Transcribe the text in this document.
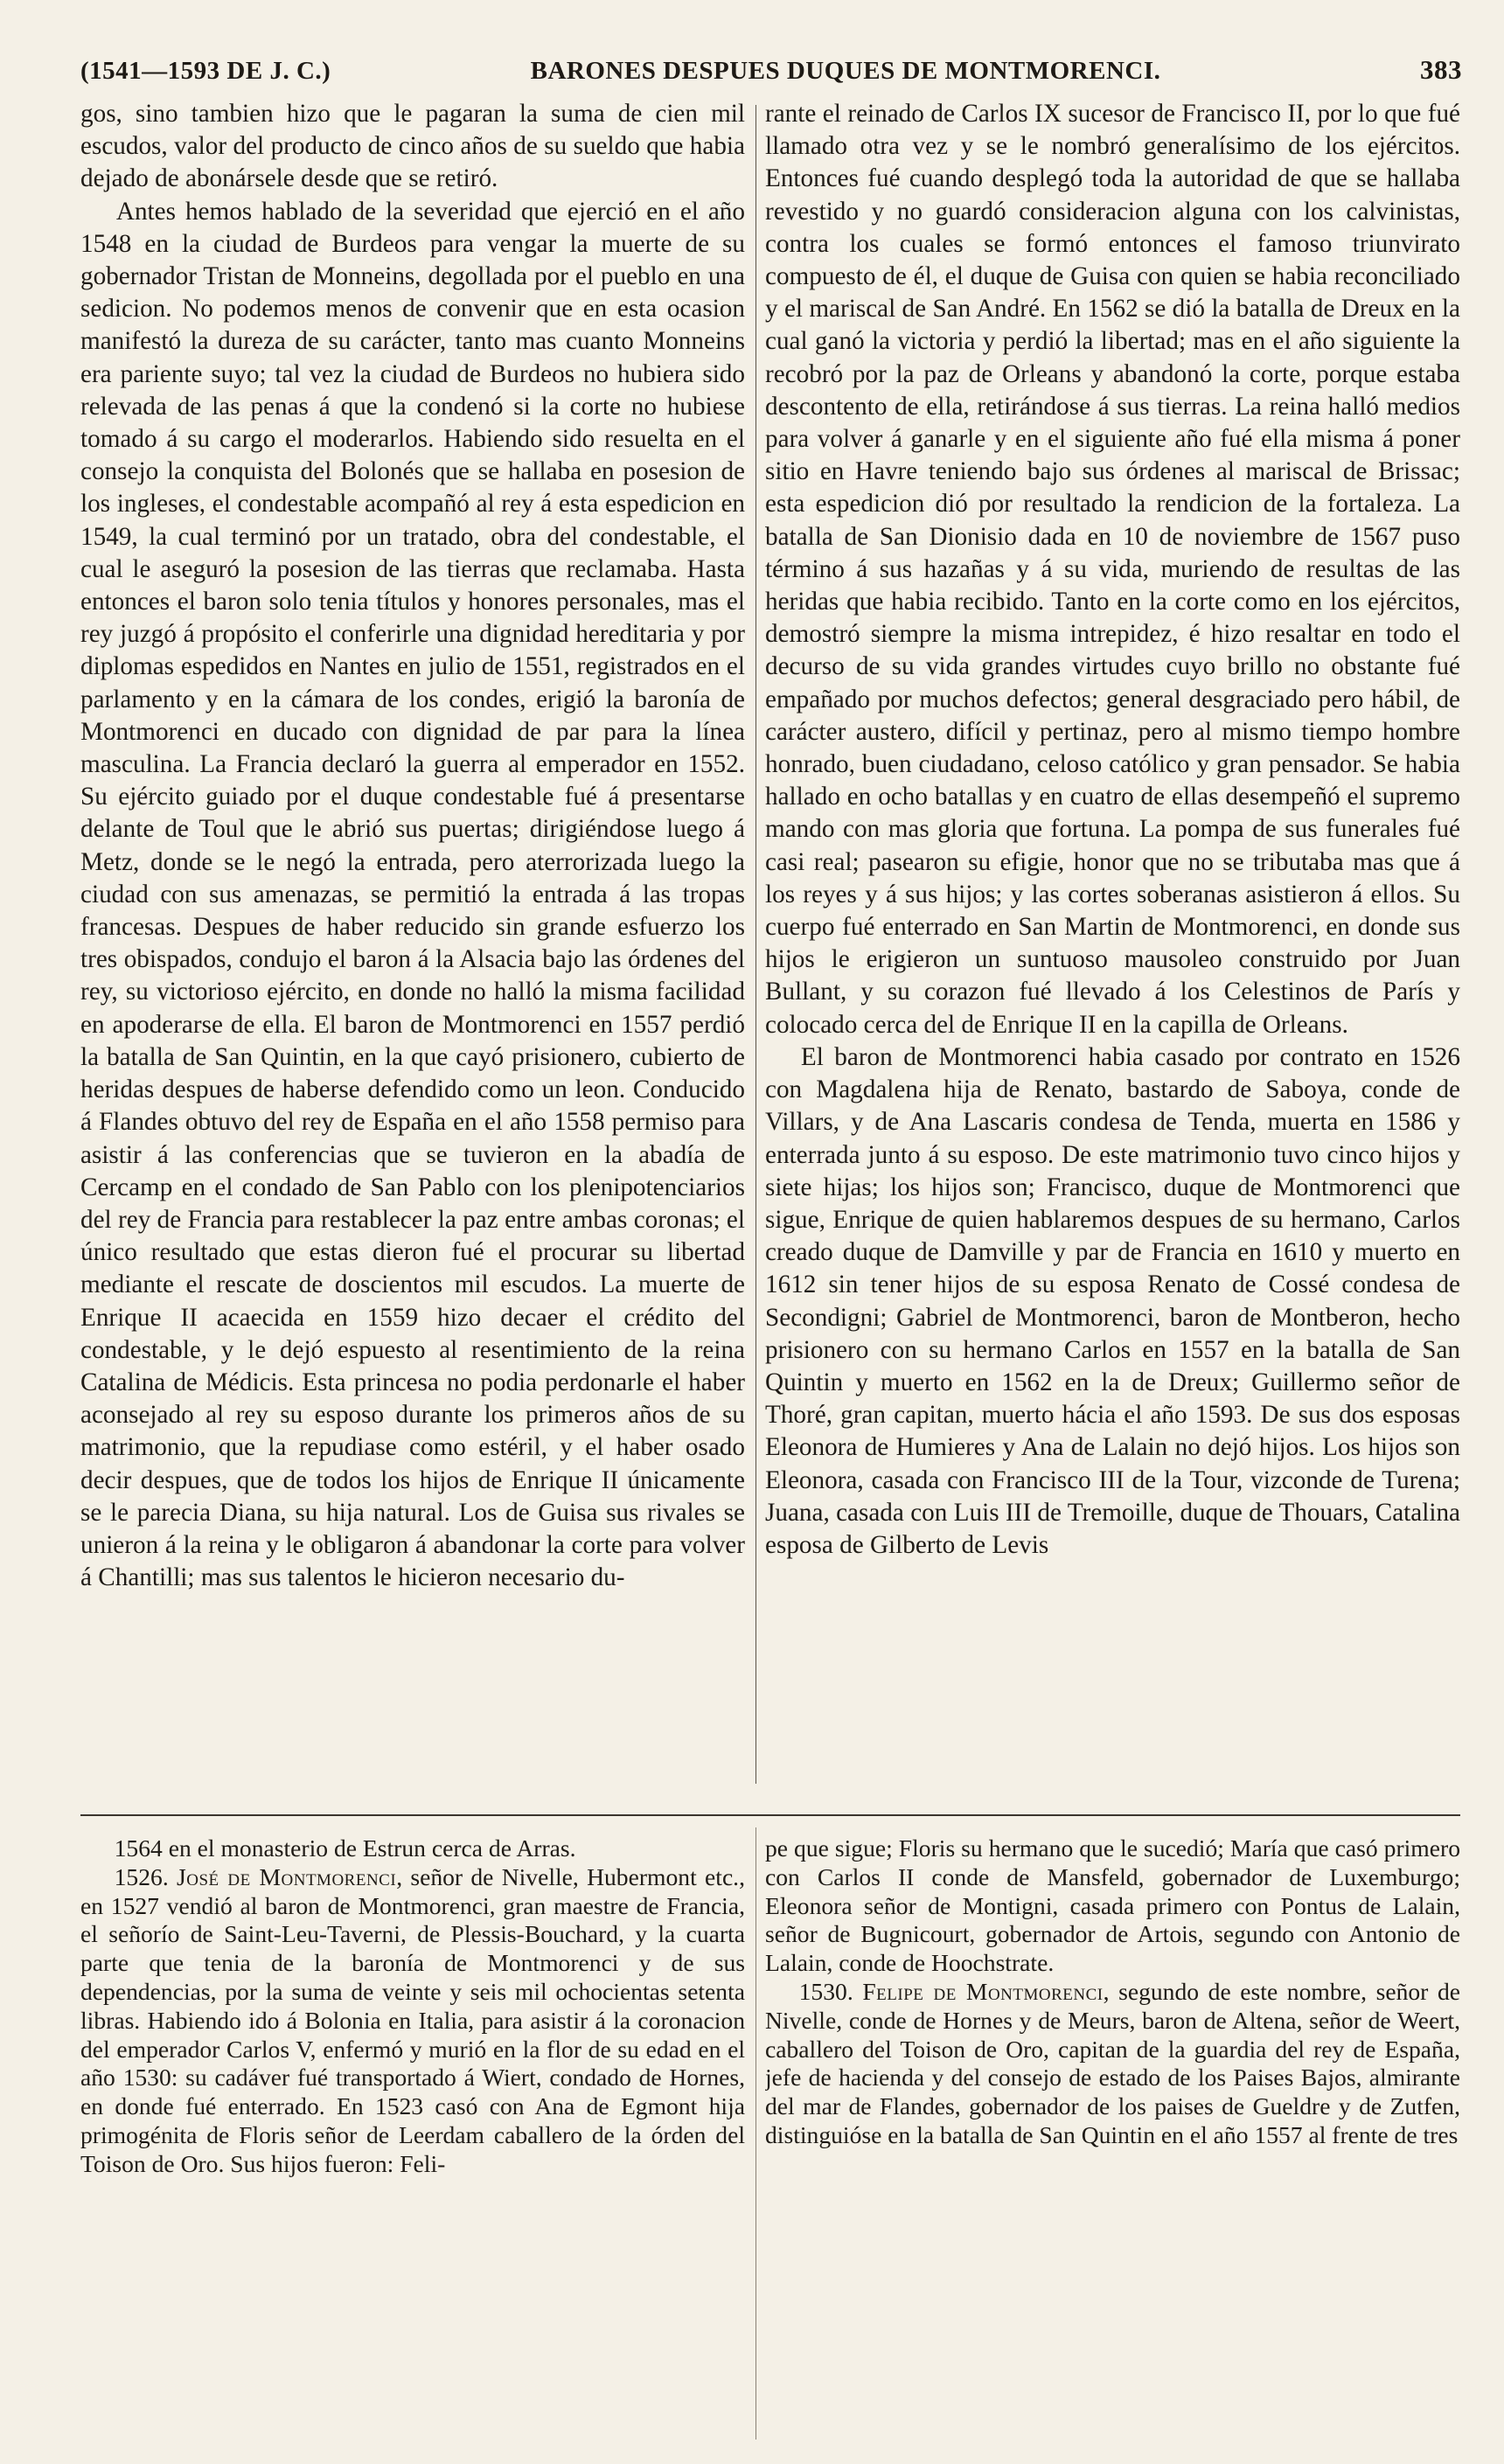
(1541—1593 DE J. C.)	BARONES DESPUES DUQUES DE MONTMORENCI.	383

gos, sino tambien hizo que le pagaran la suma de cien mil escudos, valor del producto de cinco años de su sueldo que habia dejado de abonársele desde que se retiró.

Antes hemos hablado de la severidad que ejerció en el año 1548 en la ciudad de Burdeos para vengar la muerte de su gobernador Tristan de Monneins, degollada por el pueblo en una sedicion. No podemos menos de convenir que en esta ocasion manifestó la dureza de su carácter, tanto mas cuanto Monneins era pariente suyo; tal vez la ciudad de Burdeos no hubiera sido relevada de las penas á que la condenó si la corte no hubiese tomado á su cargo el moderarlos. Habiendo sido resuelta en el consejo la conquista del Bolonés que se hallaba en posesion de los ingleses, el condestable acompañó al rey á esta espedicion en 1549, la cual terminó por un tratado, obra del condestable, el cual le aseguró la posesion de las tierras que reclamaba. Hasta entonces el baron solo tenia títulos y honores personales, mas el rey juzgó á propósito el conferirle una dignidad hereditaria y por diplomas espedidos en Nantes en julio de 1551, registrados en el parlamento y en la cámara de los condes, erigió la baronía de Montmorenci en ducado con dignidad de par para la línea masculina. La Francia declaró la guerra al emperador en 1552. Su ejército guiado por el duque condestable fué á presentarse delante de Toul que le abrió sus puertas; dirigiéndose luego á Metz, donde se le negó la entrada, pero aterrorizada luego la ciudad con sus amenazas, se permitió la entrada á las tropas francesas. Despues de haber reducido sin grande esfuerzo los tres obispados, condujo el baron á la Alsacia bajo las órdenes del rey, su victorioso ejército, en donde no halló la misma facilidad en apoderarse de ella. El baron de Montmorenci en 1557 perdió la batalla de San Quintin, en la que cayó prisionero, cubierto de heridas despues de haberse defendido como un leon. Conducido á Flandes obtuvo del rey de España en el año 1558 permiso para asistir á las conferencias que se tuvieron en la abadía de Cercamp en el condado de San Pablo con los plenipotenciarios del rey de Francia para restablecer la paz entre ambas coronas; el único resultado que estas dieron fué el procurar su libertad mediante el rescate de doscientos mil escudos. La muerte de Enrique II acaecida en 1559 hizo decaer el crédito del condestable, y le dejó espuesto al resentimiento de la reina Catalina de Médicis. Esta princesa no podia perdonarle el haber aconsejado al rey su esposo durante los primeros años de su matrimonio, que la repudiase como estéril, y el haber osado decir despues, que de todos los hijos de Enrique II únicamente se le parecia Diana, su hija natural. Los de Guisa sus rivales se unieron á la reina y le obligaron á abandonar la corte para volver á Chantilli; mas sus talentos le hicieron necesario du-

rante el reinado de Carlos IX sucesor de Francisco II, por lo que fué llamado otra vez y se le nombró generalísimo de los ejércitos. Entonces fué cuando desplegó toda la autoridad de que se hallaba revestido y no guardó consideracion alguna con los calvinistas, contra los cuales se formó entonces el famoso triunvirato compuesto de él, el duque de Guisa con quien se habia reconciliado y el mariscal de San André. En 1562 se dió la batalla de Dreux en la cual ganó la victoria y perdió la libertad; mas en el año siguiente la recobró por la paz de Orleans y abandonó la corte, porque estaba descontento de ella, retirándose á sus tierras. La reina halló medios para volver á ganarle y en el siguiente año fué ella misma á poner sitio en Havre teniendo bajo sus órdenes al mariscal de Brissac; esta espedicion dió por resultado la rendicion de la fortaleza. La batalla de San Dionisio dada en 10 de noviembre de 1567 puso término á sus hazañas y á su vida, muriendo de resultas de las heridas que habia recibido. Tanto en la corte como en los ejércitos, demostró siempre la misma intrepidez, é hizo resaltar en todo el decurso de su vida grandes virtudes cuyo brillo no obstante fué empañado por muchos defectos; general desgraciado pero hábil, de carácter austero, difícil y pertinaz, pero al mismo tiempo hombre honrado, buen ciudadano, celoso católico y gran pensador. Se habia hallado en ocho batallas y en cuatro de ellas desempeñó el supremo mando con mas gloria que fortuna. La pompa de sus funerales fué casi real; pasearon su efigie, honor que no se tributaba mas que á los reyes y á sus hijos; y las cortes soberanas asistieron á ellos. Su cuerpo fué enterrado en San Martin de Montmorenci, en donde sus hijos le erigieron un suntuoso mausoleo construido por Juan Bullant, y su corazon fué llevado á los Celestinos de París y colocado cerca del de Enrique II en la capilla de Orleans.

El baron de Montmorenci habia casado por contrato en 1526 con Magdalena hija de Renato, bastardo de Saboya, conde de Villars, y de Ana Lascaris condesa de Tenda, muerta en 1586 y enterrada junto á su esposo. De este matrimonio tuvo cinco hijos y siete hijas; los hijos son; Francisco, duque de Montmorenci que sigue, Enrique de quien hablaremos despues de su hermano, Carlos creado duque de Damville y par de Francia en 1610 y muerto en 1612 sin tener hijos de su esposa Renato de Cossé condesa de Secondigni; Gabriel de Montmorenci, baron de Montberon, hecho prisionero con su hermano Carlos en 1557 en la batalla de San Quintin y muerto en 1562 en la de Dreux; Guillermo señor de Thoré, gran capitan, muerto hácia el año 1593. De sus dos esposas Eleonora de Humieres y Ana de Lalain no dejó hijos. Los hijos son Eleonora, casada con Francisco III de la Tour, vizconde de Turena; Juana, casada con Luis III de Tremoille, duque de Thouars, Catalina esposa de Gilberto de Levis

1564 en el monasterio de Estrun cerca de Arras.

1526. José de Montmorenci, señor de Nivelle, Hubermont etc., en 1527 vendió al baron de Montmorenci, gran maestre de Francia, el señorío de Saint-Leu-Taverni, de Plessis-Bouchard, y la cuarta parte que tenia de la baronía de Montmorenci y de sus dependencias, por la suma de veinte y seis mil ochocientas setenta libras. Habiendo ido á Bolonia en Italia, para asistir á la coronacion del emperador Carlos V, enfermó y murió en la flor de su edad en el año 1530: su cadáver fué transportado á Wiert, condado de Hornes, en donde fué enterrado. En 1523 casó con Ana de Egmont hija primogénita de Floris señor de Leerdam caballero de la órden del Toison de Oro. Sus hijos fueron: Feli-

pe que sigue; Floris su hermano que le sucedió; María que casó primero con Carlos II conde de Mansfeld, gobernador de Luxemburgo; Eleonora señor de Montigni, casada primero con Pontus de Lalain, señor de Bugnicourt, gobernador de Artois, segundo con Antonio de Lalain, conde de Hoochstrate.

1530. Felipe de Montmorenci, segundo de este nombre, señor de Nivelle, conde de Hornes y de Meurs, baron de Altena, señor de Weert, caballero del Toison de Oro, capitan de la guardia del rey de España, jefe de hacienda y del consejo de estado de los Paises Bajos, almirante del mar de Flandes, gobernador de los paises de Gueldre y de Zutfen, distinguióse en la batalla de San Quintin en el año 1557 al frente de tres
